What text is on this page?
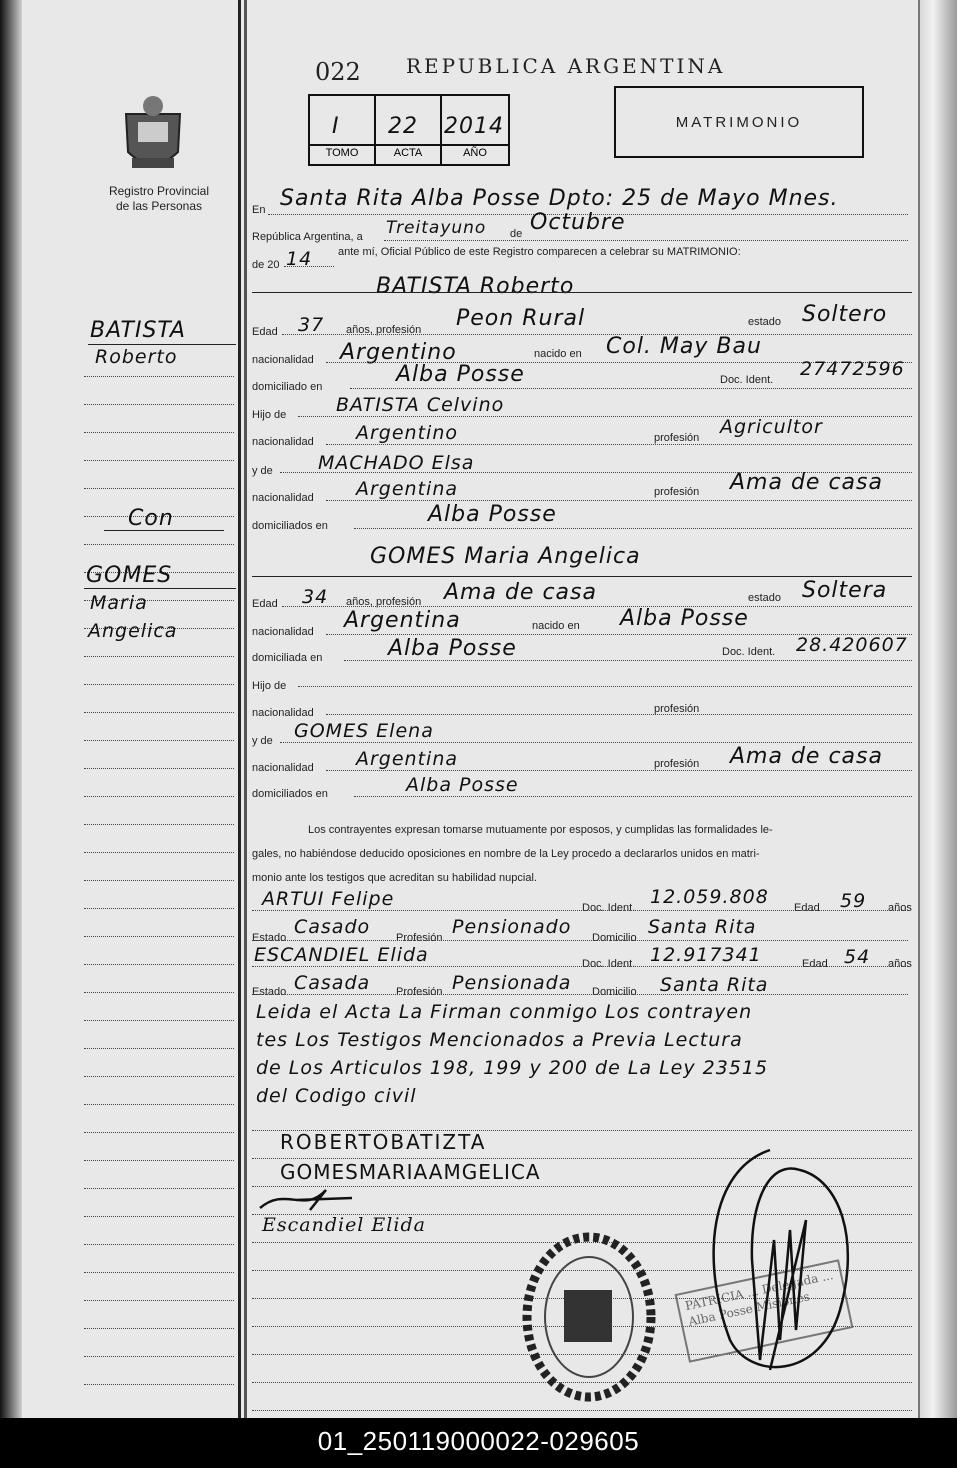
Registro Provincial
de las Personas
BATISTA
Roberto
Con
GOMES
Maria
Angelica
022 REPUBLICA ARGENTINA
I 22 2014
TOMO	ACTA	AÑO
MATRIMONIO
En Santa Rita Alba Posse Dpto: 25 de Mayo Mnes.
República Argentina, a Treitayuno de Octubre
de 20 14 ante mí, Oficial Público de este Registro comparecen a celebrar su MATRIMONIO:
BATISTA Roberto
Edad 37 años, profesión Peon Rural	estado Soltero
nacionalidad Argentino	nacido en Col. May Bau
domiciliado en	Alba Posse	Doc. Ident. 27472596
Hijo de	BATISTA Celvino
nacionalidad Argentino	profesión Agricultor
y de MACHADO Elsa
nacionalidad Argentina	profesión Ama de casa
domiciliados en	Alba Posse
GOMES Maria Angelica
Edad 34 años, profesión Ama de casa	estado Soltera
nacionalidad Argentina	nacido en Alba Posse
domiciliada en	Alba Posse	Doc. Ident. 28.420607
Hijo de
nacionalidad	profesión
y de GOMES Elena
nacionalidad Argentina	profesión Ama de casa
domiciliados en	Alba Posse
Los contrayentes expresan tomarse mutuamente por esposos, y cumplidas las formalidades le-
gales, no habiéndose deducido oposiciones en nombre de la Ley procedo a declararlos unidos en matri-
monio ante los testigos que acreditan su habilidad nupcial.
ARTUI Felipe	Doc. Ident. 12.059.808 Edad 59 años
Estado Casado Profesión Pensionado Domicilio Santa Rita
ESCANDIEL Elida	Doc. Ident. 12.917341	Edad 54 años
Estado Casada Profesión Pensionada Domicilio Santa Rita
Leida el Acta La Firman conmigo Los contrayen
tes Los Testigos Mencionados a Previa Lectura
de Los Articulos 198, 199 y 200 de La Ley 23515
del Codigo civil
ROBERTOBATIZTA
GOMESMARIAAMGELICA
Escandiel Elida
PATRICIA ... Delegada ... Alba Posse Misiones
01_250119000022-029605
